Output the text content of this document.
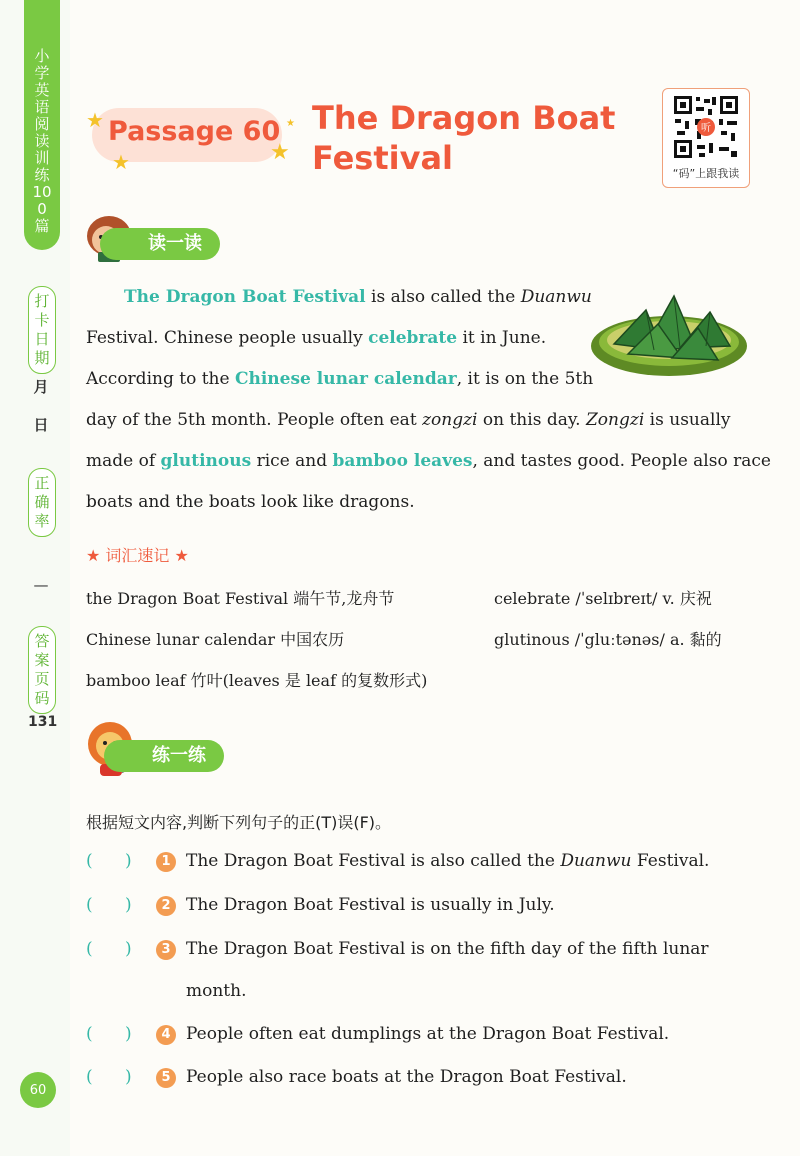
小学英语阅读训练100篇
打卡日期
月
日
正确率
—
答案页码
131
★
★	★
★
Passage 60 The Dragon Boat Festival
听
“码”上跟我读
读一读
The Dragon Boat Festival is also called the Duanwu
Festival. Chinese people usually celebrate it in June.
According to the Chinese lunar calendar, it is on the 5th
day of the 5th month. People often eat zongzi on this day. Zongzi is usually
made of glutinous rice and bamboo leaves, and tastes good. People also race
boats and the boats look like dragons.
★ 词汇速记 ★
the Dragon Boat Festival 端午节,龙舟节	celebrate /ˈselɪbreɪt/ v. 庆祝
Chinese lunar calendar 中国农历	glutinous /ˈgluːtənəs/ a. 黏的
bamboo leaf 竹叶(leaves 是 leaf 的复数形式)
练一练
根据短文内容,判断下列句子的正(T)误(F)。
(      )	1 The Dragon Boat Festival is also called the Duanwu Festival.
(      )	2 The Dragon Boat Festival is usually in July.
(      )	3 The Dragon Boat Festival is on the fifth day of the fifth lunar
month.
(      )	4 People often eat dumplings at the Dragon Boat Festival.
(      )	5 People also race boats at the Dragon Boat Festival.
60
